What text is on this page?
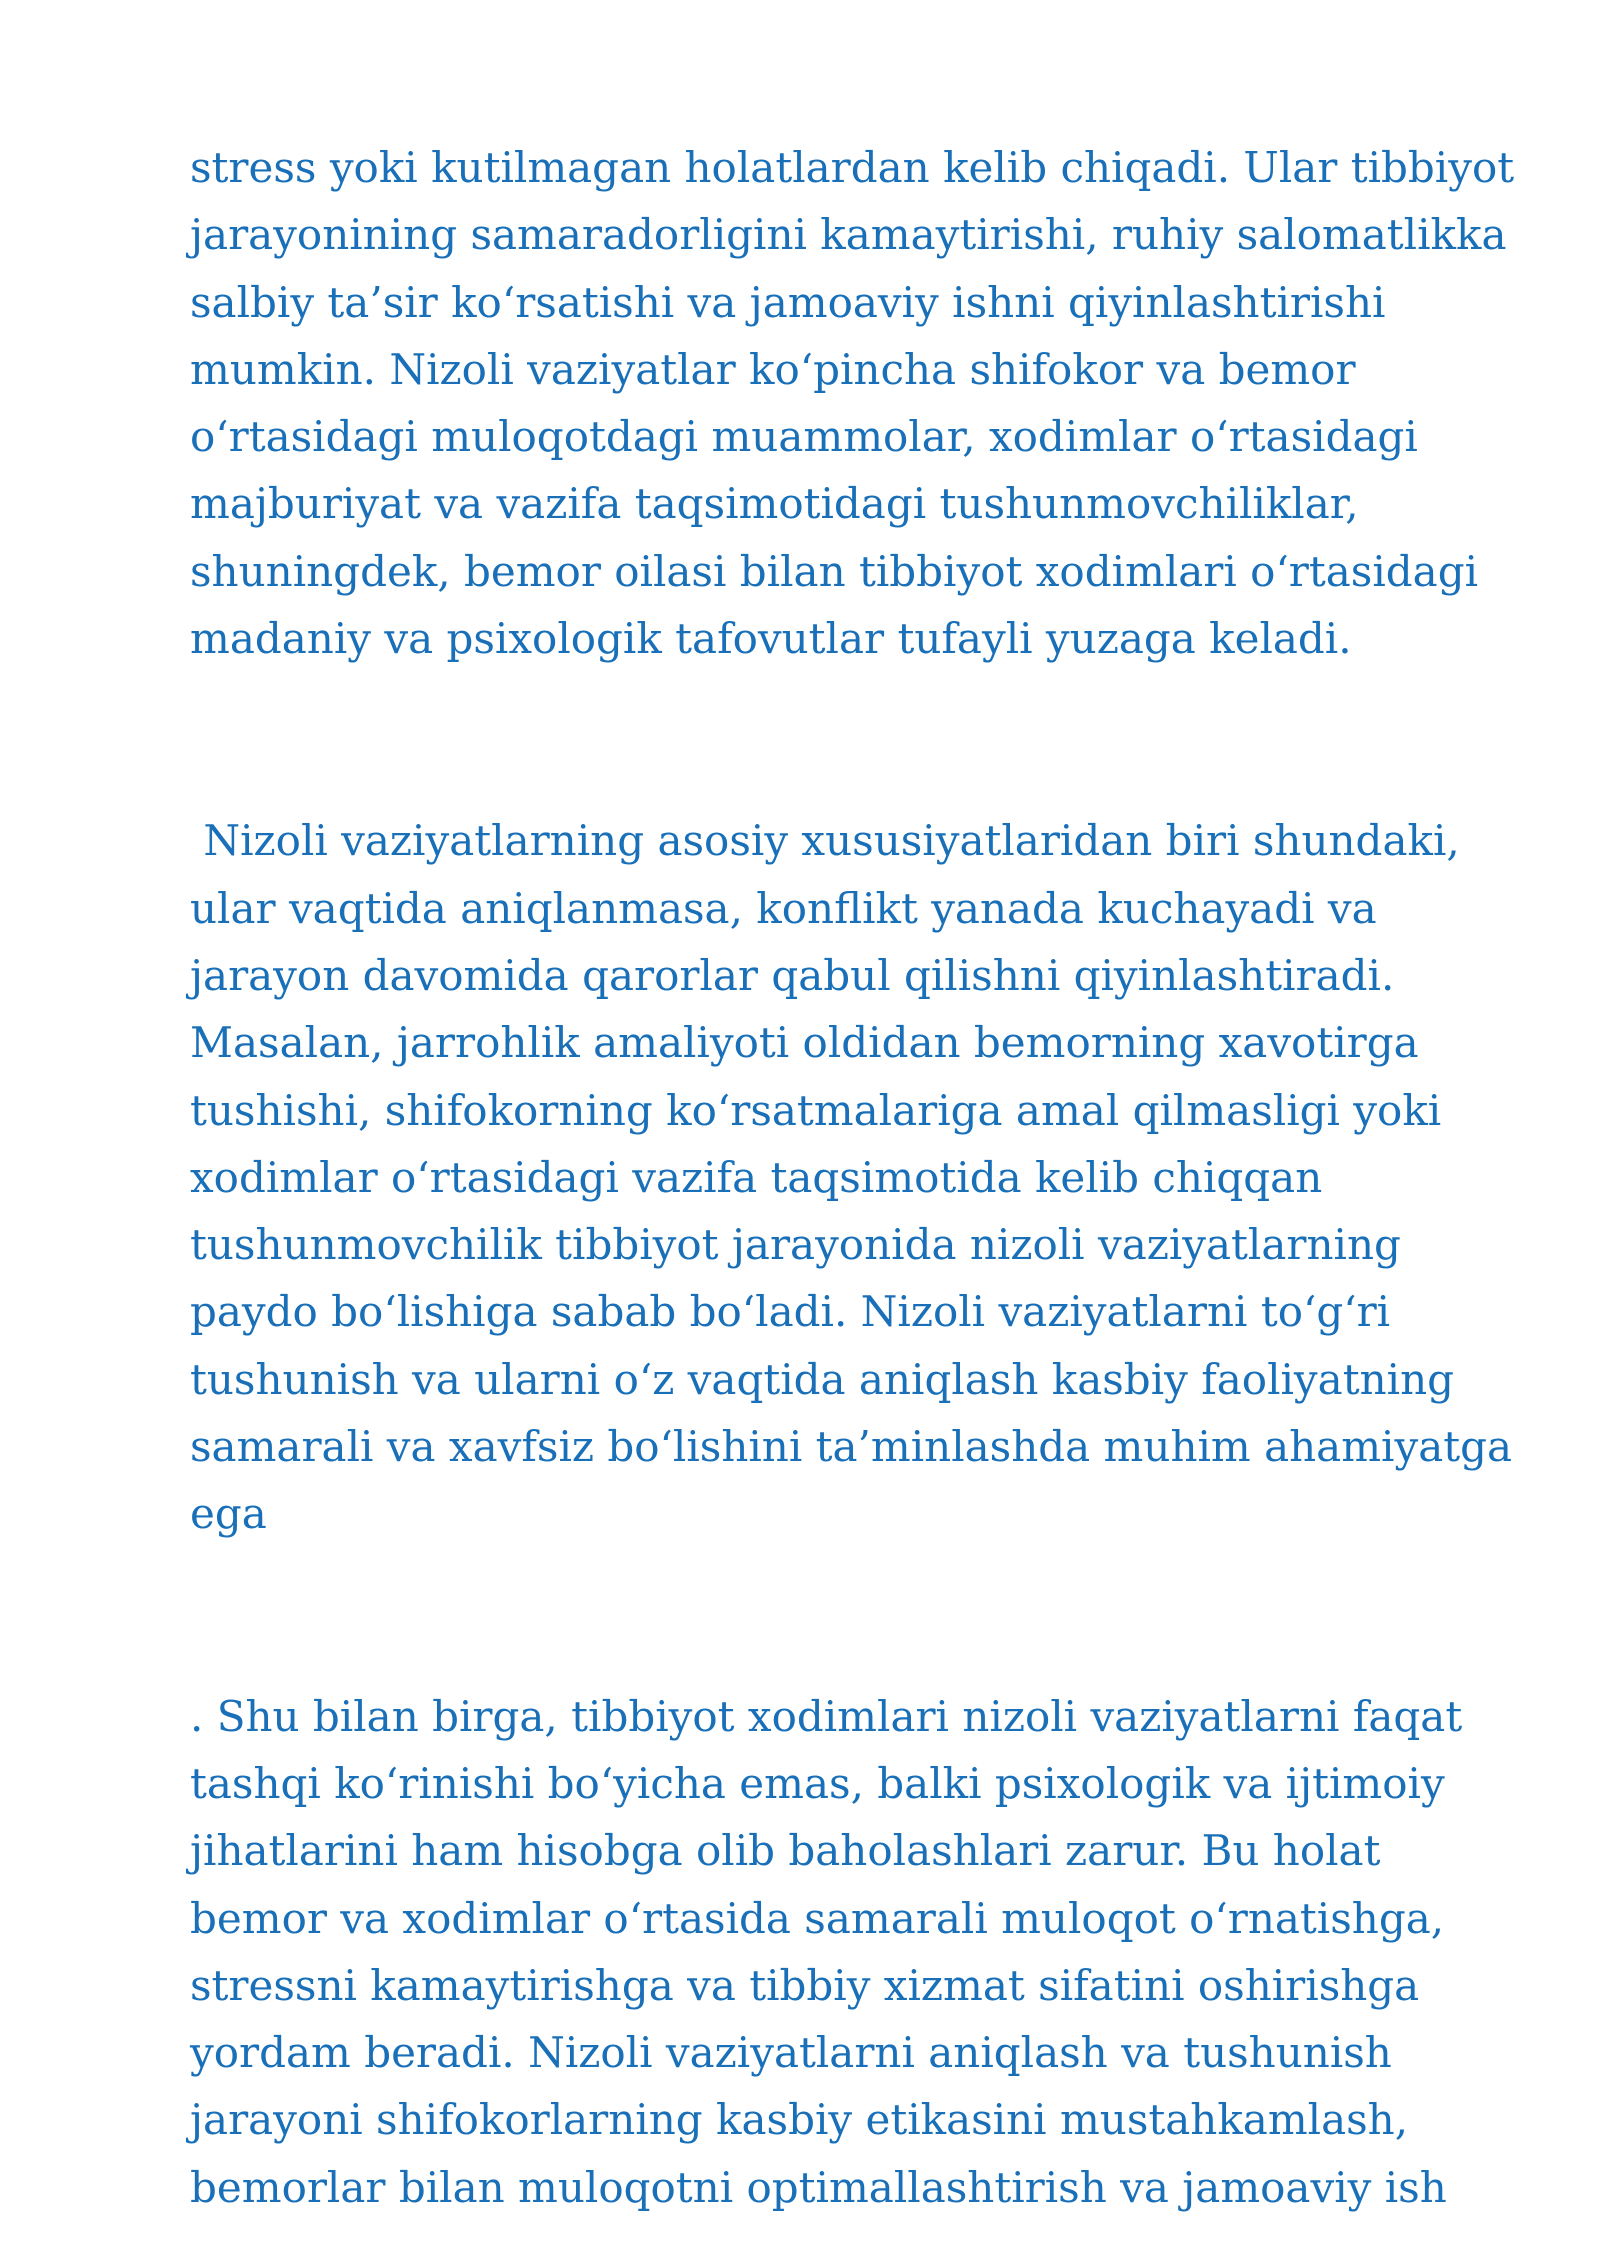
stress yoki kutilmagan holatlardan kelib chiqadi. Ular tibbiyot
jarayonining samaradorligini kamaytirishi, ruhiy salomatlikka
salbiy ta’sir ko‘rsatishi va jamoaviy ishni qiyinlashtirishi
mumkin. Nizoli vaziyatlar ko‘pincha shifokor va bemor
o‘rtasidagi muloqotdagi muammolar, xodimlar o‘rtasidagi
majburiyat va vazifa taqsimotidagi tushunmovchiliklar,
shuningdek, bemor oilasi bilan tibbiyot xodimlari o‘rtasidagi
madaniy va psixologik tafovutlar tufayli yuzaga keladi.

Nizoli vaziyatlarning asosiy xususiyatlaridan biri shundaki,
ular vaqtida aniqlanmasa, konflikt yanada kuchayadi va
jarayon davomida qarorlar qabul qilishni qiyinlashtiradi.
Masalan, jarrohlik amaliyoti oldidan bemorning xavotirga
tushishi, shifokorning ko‘rsatmalariga amal qilmasligi yoki
xodimlar o‘rtasidagi vazifa taqsimotida kelib chiqqan
tushunmovchilik tibbiyot jarayonida nizoli vaziyatlarning
paydo bo‘lishiga sabab bo‘ladi. Nizoli vaziyatlarni to‘g‘ri
tushunish va ularni o‘z vaqtida aniqlash kasbiy faoliyatning
samarali va xavfsiz bo‘lishini ta’minlashda muhim ahamiyatga
ega

. Shu bilan birga, tibbiyot xodimlari nizoli vaziyatlarni faqat
tashqi ko‘rinishi bo‘yicha emas, balki psixologik va ijtimoiy
jihatlarini ham hisobga olib baholashlari zarur. Bu holat
bemor va xodimlar o‘rtasida samarali muloqot o‘rnatishga,
stressni kamaytirishga va tibbiy xizmat sifatini oshirishga
yordam beradi. Nizoli vaziyatlarni aniqlash va tushunish
jarayoni shifokorlarning kasbiy etikasini mustahkamlash,
bemorlar bilan muloqotni optimallashtirish va jamoaviy ish
